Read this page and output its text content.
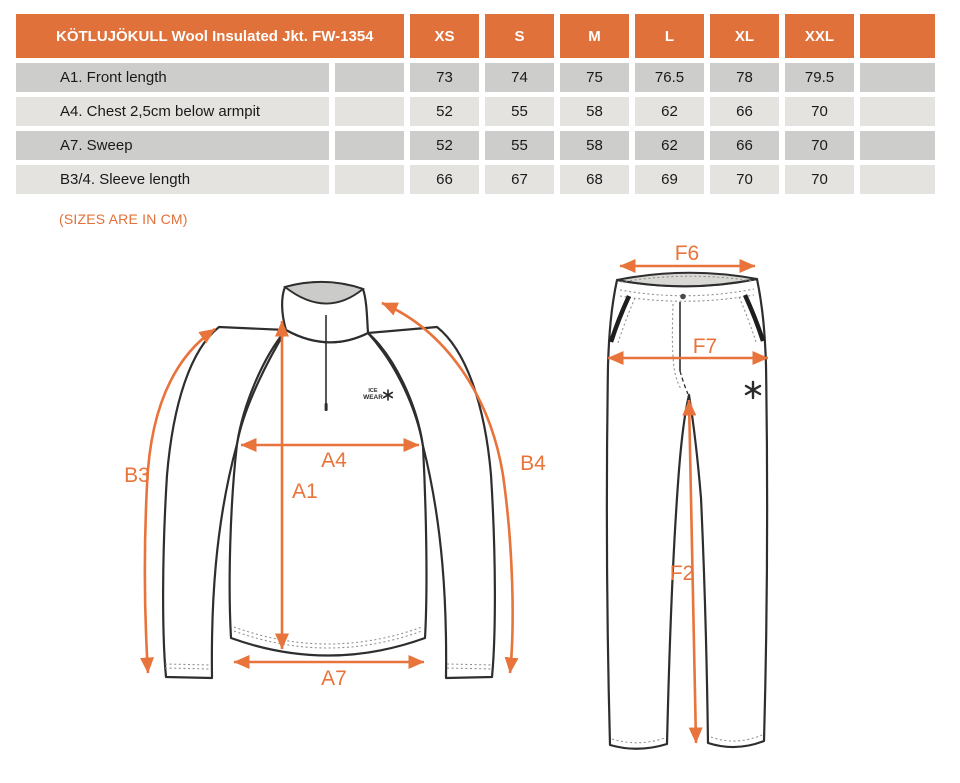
KÖTLUJÖKULL Wool Insulated Jkt. FW-1354	XS	S	M	L	XL	XXL
A1. Front length	73	74	75	76.5	78	79.5
A4. Chest 2,5cm below armpit	52	55	58	62	66	70
A7. Sweep	52	55	58	62	66	70
B3/4. Sleeve length	66	67	68	69	70	70
(SIZES ARE IN CM)
ICE
WEAR
B3
B4
A4
A1
A7
F6
F7
F2
